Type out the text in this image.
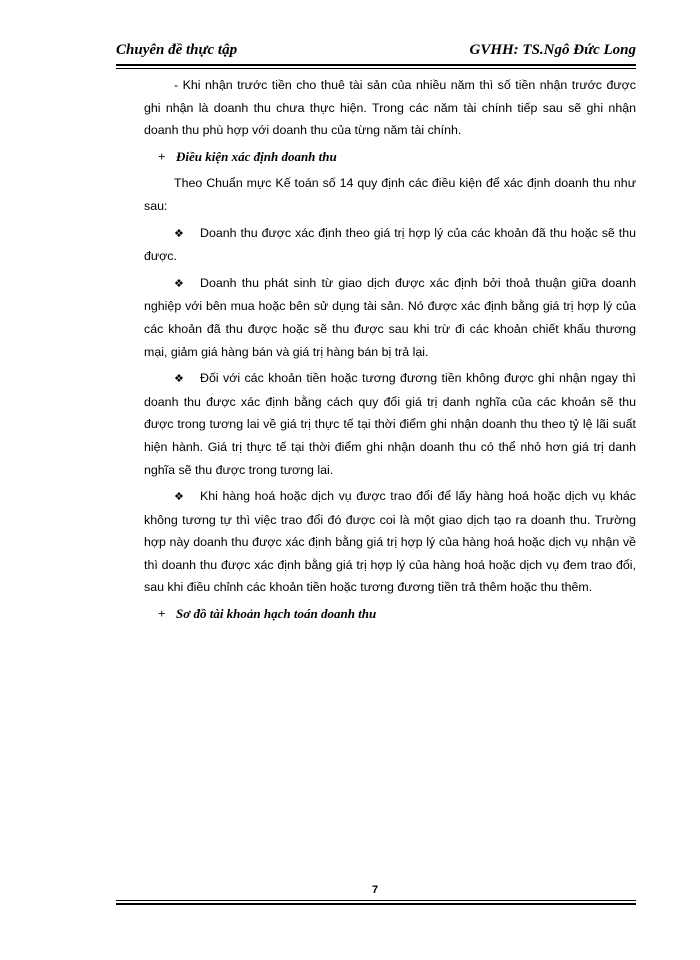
Chuyên đề thực tập	GVHH: TS.Ngô Đức Long

- Khi nhận trước tiền cho thuê tài sản của nhiều năm thì số tiền nhận trước được ghi nhận là doanh thu chưa thực hiện. Trong các năm tài chính tiếp sau sẽ ghi nhận doanh thu phù hợp với doanh thu của từng năm tài chính.

+ Điều kiện xác định doanh thu

Theo Chuẩn mực Kế toán số 14 quy định các điều kiện để xác định doanh thu như sau:

❖ Doanh thu được xác định theo giá trị hợp lý của các khoản đã thu hoặc sẽ thu được.

❖ Doanh thu phát sinh từ giao dịch được xác định bởi thoả thuận giữa doanh nghiệp với bên mua hoặc bên sử dụng tài sản. Nó được xác định bằng giá trị hợp lý của các khoản đã thu được hoặc sẽ thu được sau khi trừ đi các khoản chiết khấu thương mại, giảm giá hàng bán và giá trị hàng bán bị trả lại.

❖ Đối với các khoản tiền hoặc tương đương tiền không được ghi nhận ngay thì doanh thu được xác định bằng cách quy đổi giá trị danh nghĩa của các khoản sẽ thu được trong tương lai về giá trị thực tế tại thời điểm ghi nhận doanh thu theo tỷ lệ lãi suất hiện hành. Giá trị thực tế tại thời điểm ghi nhận doanh thu có thể nhỏ hơn giá trị danh nghĩa sẽ thu được trong tương lai.

❖ Khi hàng hoá hoặc dịch vụ được trao đổi để lấy hàng hoá hoặc dịch vụ khác không tương tự thì việc trao đổi đó được coi là một giao dịch tạo ra doanh thu. Trường hợp này doanh thu được xác định bằng giá trị hợp lý của hàng hoá hoặc dịch vụ nhận về thì doanh thu được xác định bằng giá trị hợp lý của hàng hoá hoặc dịch vụ đem trao đổi, sau khi điều chỉnh các khoản tiền hoặc tương đương tiền trả thêm hoặc thu thêm.

+ Sơ đồ tài khoản hạch toán doanh thu

7
